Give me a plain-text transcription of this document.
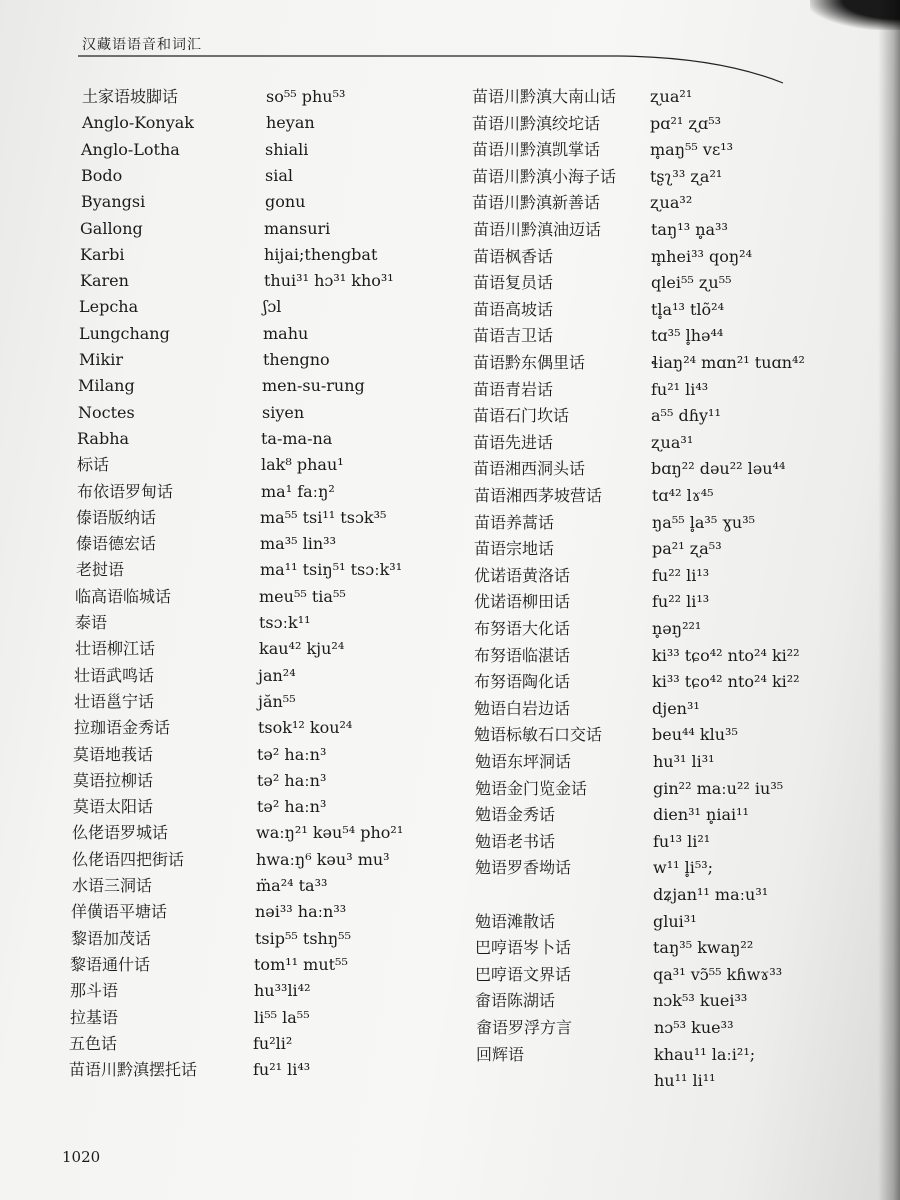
汉藏语语音和词汇
土家语坡脚话	so⁵⁵ phu⁵³
Anglo-Konyak	heyan
Anglo-Lotha	shiali
Bodo	sial
Byangsi	gonu
Gallong	mansuri
Karbi	hijai;thengbat
Karen	thui³¹ hɔ³¹ kho³¹
Lepcha	ʃɔl
Lungchang	mahu
Mikir	thengno
Milang	men-su-rung
Noctes	siyen
Rabha	ta-ma-na
标话	lak⁸ phau¹
布依语罗甸话	ma¹ faːŋ²
傣语版纳话	ma⁵⁵ tsi¹¹ tsɔk³⁵
傣语德宏话	ma³⁵ lin³³
老挝语	ma¹¹ tsiŋ⁵¹ tsɔːk³¹
临高语临城话	meu⁵⁵ tia⁵⁵
泰语	tsɔːk¹¹
壮语柳江话	kau⁴² kju²⁴
壮语武鸣话	jan²⁴
壮语邕宁话	jăn⁵⁵
拉珈语金秀话	tsok¹² kou²⁴
莫语地莪话	tə² haːn³
莫语拉柳话	tə² haːn³
莫语太阳话	tə² haːn³
仫佬语罗城话	waːŋ²¹ kəu⁵⁴ pho²¹
仫佬语四把街话	hwaːŋ⁶ kəu³ mu³
水语三洞话	m̈a²⁴ ta³³
佯僙语平塘话	nəi³³ haːn³³
黎语加茂话	tsip⁵⁵ tshŋ⁵⁵
黎语通什话	tom¹¹ mut⁵⁵
那斗语	hu³³li⁴²
拉基语	li⁵⁵ la⁵⁵
五色话	fu²li²
苗语川黔滇摆托话	fu²¹ li⁴³
苗语川黔滇大南山话 ʐua²¹
苗语川黔滇绞坨话	pɑ²¹ ʐɑ⁵³
苗语川黔滇凯掌话	m̥aŋ⁵⁵ vɛ¹³
苗语川黔滇小海子话 tʂʅ³³ ʐa²¹
苗语川黔滇新善话	ʐua³²
苗语川黔滇油迈话	taŋ¹³ n̥a³³
苗语枫香话	m̥hei³³ qoŋ²⁴
苗语复员话	qlei⁵⁵ ʐu⁵⁵
苗语高坡话	tl̥a¹³ tlõ²⁴
苗语吉卫话	tɑ³⁵ l̥hə⁴⁴
苗语黔东偶里话	ɬiaŋ²⁴ mɑn²¹ tuɑn⁴²
苗语青岩话	fu²¹ li⁴³
苗语石门坎话	a⁵⁵ dɦy¹¹
苗语先进话	ʐua³¹
苗语湘西洞头话	bɑŋ²² dəu²² ləu⁴⁴
苗语湘西茅坡营话	tɑ⁴² lɤ⁴⁵
苗语养蒿话	ŋa⁵⁵ l̥a³⁵ ɣu³⁵
苗语宗地话	pa²¹ ʐa⁵³
优诺语黄洛话	fu²² li¹³
优诺语柳田话	fu²² li¹³
布努语大化话	n̥əŋ²²¹
布努语临湛话	ki³³ tɕo⁴² nto²⁴ ki²²
布努语陶化话	ki³³ tɕo⁴² nto²⁴ ki²²
勉语白岩边话	djen³¹
勉语标敏石口交话	beu⁴⁴ klu³⁵
勉语东坪洞话	hu³¹ li³¹
勉语金门览金话	gin²² maːu²² iu³⁵
勉语金秀话	dien³¹ n̥iai¹¹
勉语老书话	fu¹³ li²¹
勉语罗香坳话	w¹¹ l̥i⁵³;
dʑjan¹¹ maːu³¹
勉语滩散话	glui³¹
巴哼语岑卜话	taŋ³⁵ kwaŋ²²
巴哼语文界话	qa³¹ vɔ̃⁵⁵ kɦwɤ³³
畲语陈湖话	nɔk⁵³ kuei³³
畲语罗浮方言	nɔ⁵³ kue³³
回辉语	khau¹¹ laːi²¹;
hu¹¹ li¹¹
1020
